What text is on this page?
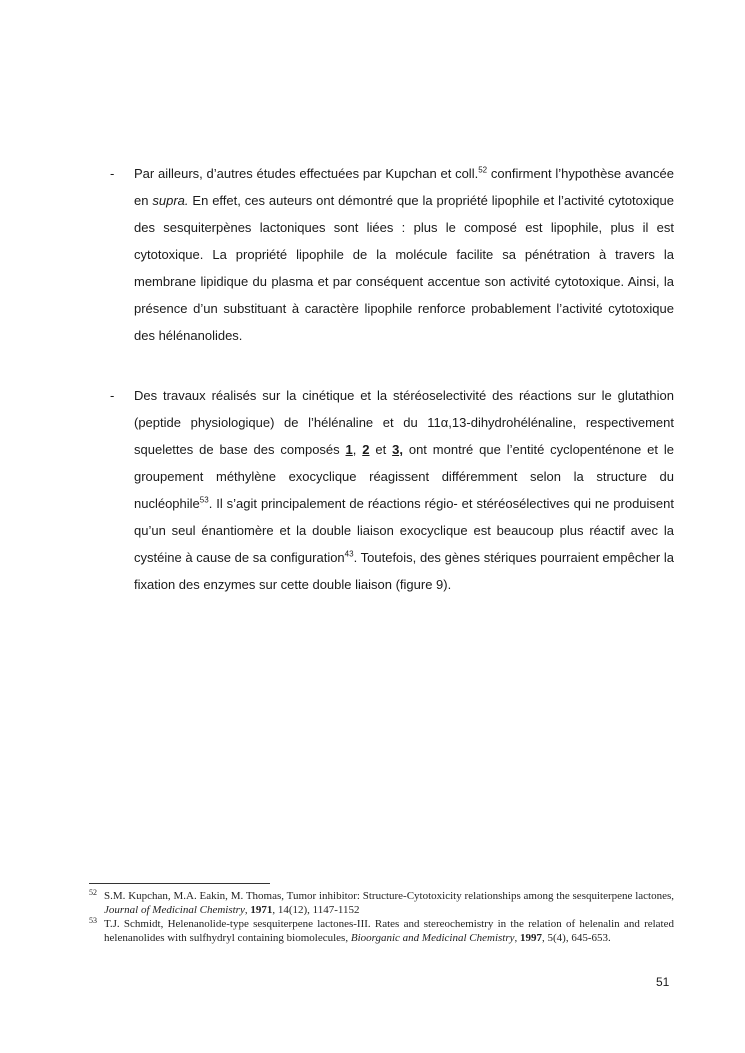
- Par ailleurs, d’autres études effectuées par Kupchan et coll.$^{52}$ confirment l’hypothèse avancée en supra. En effet, ces auteurs ont démontré que la propriété lipophile et l’activité cytotoxique des sesquiterpènes lactoniques sont liées : plus le composé est lipophile, plus il est cytotoxique. La propriété lipophile de la molécule facilite sa pénétration à travers la membrane lipidique du plasma et par conséquent accentue son activité cytotoxique. Ainsi, la présence d’un substituant à caractère lipophile renforce probablement l’activité cytotoxique des hélénanolides.
- Des travaux réalisés sur la cinétique et la stéréoselectivité des réactions sur le glutathion (peptide physiologique) de l’hélénaline et du 11α,13-dihydrohélénaline, respectivement squelettes de base des composés 1, 2 et 3, ont montré que l’entité cyclopenténone et le groupement méthylène exocyclique réagissent différemment selon la structure du nucléophile$^{53}$. Il s’agit principalement de réactions régio- et stéréosélectives qui ne produisent qu’un seul énantiomère et la double liaison exocyclique est beaucoup plus réactif avec la cystéine à cause de sa configuration$^{43}$. Toutefois, des gènes stériques pourraient empêcher la fixation des enzymes sur cette double liaison (figure 9).
52 S.M. Kupchan, M.A. Eakin, M. Thomas, Tumor inhibitor: Structure-Cytotoxicity relationships among the sesquiterpene lactones, Journal of Medicinal Chemistry, 1971, 14(12), 1147-1152
53 T.J. Schmidt, Helenanolide-type sesquiterpene lactones-III. Rates and stereochemistry in the relation of helenalin and related helenanolides with sulfhydryl containing biomolecules, Bioorganic and Medicinal Chemistry, 1997, 5(4), 645-653.
51
